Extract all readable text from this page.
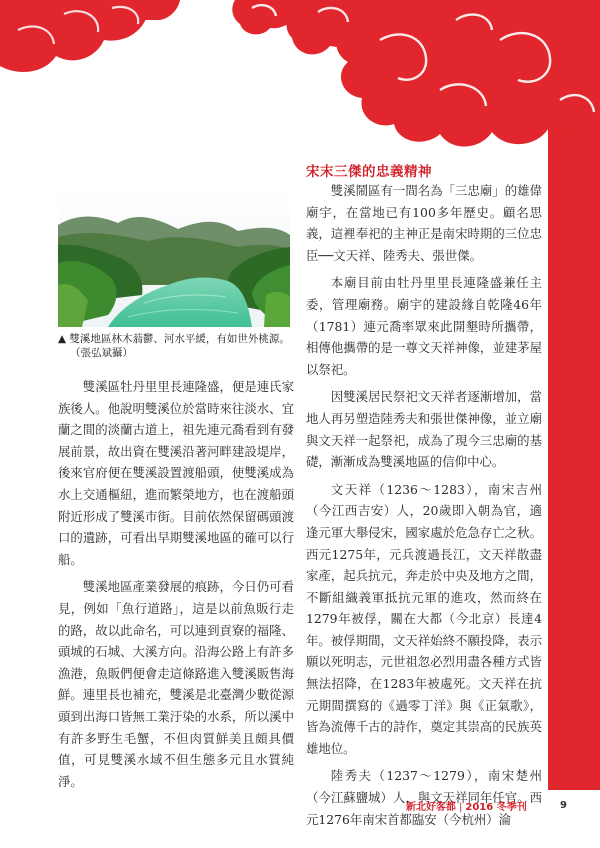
▲ 雙溪地區林木蓊鬱、河水平緩，有如世外桃源。
（張弘斌攝）

雙溪區牡丹里里長連隆盛，便是連氏家族後人。他說明雙溪位於當時來往淡水、宜蘭之間的淡蘭古道上，祖先連元喬看到有發展前景，故出資在雙溪沿著河畔建設堤岸，後來官府便在雙溪設置渡船頭，使雙溪成為水上交通樞紐，進而繁榮地方，也在渡船頭附近形成了雙溪市街。目前依然保留碼頭渡口的遺跡，可看出早期雙溪地區的確可以行船。

雙溪地區產業發展的痕跡，今日仍可看見，例如「魚行道路」，這是以前魚販行走的路，故以此命名，可以連到貢寮的福隆、頭城的石城、大溪方向。沿海公路上有許多漁港，魚販們便會走這條路進入雙溪販售海鮮。連里長也補充，雙溪是北臺灣少數從源頭到出海口皆無工業汙染的水系，所以溪中有許多野生毛蟹，不但肉質鮮美且頗具價值，可見雙溪水域不但生態多元且水質純淨。

宋末三傑的忠義精神

雙溪鬧區有一間名為「三忠廟」的雄偉廟宇，在當地已有100多年歷史。顧名思義，這裡奉祀的主神正是南宋時期的三位忠臣──文天祥、陸秀夫、張世傑。

本廟目前由牡丹里里長連隆盛兼任主委，管理廟務。廟宇的建設緣自乾隆46年（1781）連元喬率眾來此開墾時所攜帶，相傳他攜帶的是一尊文天祥神像，並建茅屋以祭祀。

因雙溪居民祭祀文天祥者逐漸增加，當地人再另塑造陸秀夫和張世傑神像，並立廟與文天祥一起祭祀，成為了現今三忠廟的基礎，漸漸成為雙溪地區的信仰中心。

文天祥（1236～1283），南宋吉州（今江西吉安）人，20歲即入朝為官，適逢元軍大舉侵宋，國家處於危急存亡之秋。西元1275年，元兵渡過長江，文天祥散盡家產，起兵抗元，奔走於中央及地方之間，不斷組織義軍抵抗元軍的進攻，然而終在1279年被俘，關在大都（今北京）長達4年。被俘期間，文天祥始終不願投降，表示願以死明志，元世祖忽必烈用盡各種方式皆無法招降，在1283年被處死。文天祥在抗元期間撰寫的《過零丁洋》與《正氣歌》，皆為流傳千古的詩作，奠定其崇高的民族英雄地位。

陸秀夫（1237～1279），南宋楚州（今江蘇鹽城）人，與文天祥同年任官。西元1276年南宋首都臨安（今杭州）淪

新北好客都 | 2016 冬季刊	9
